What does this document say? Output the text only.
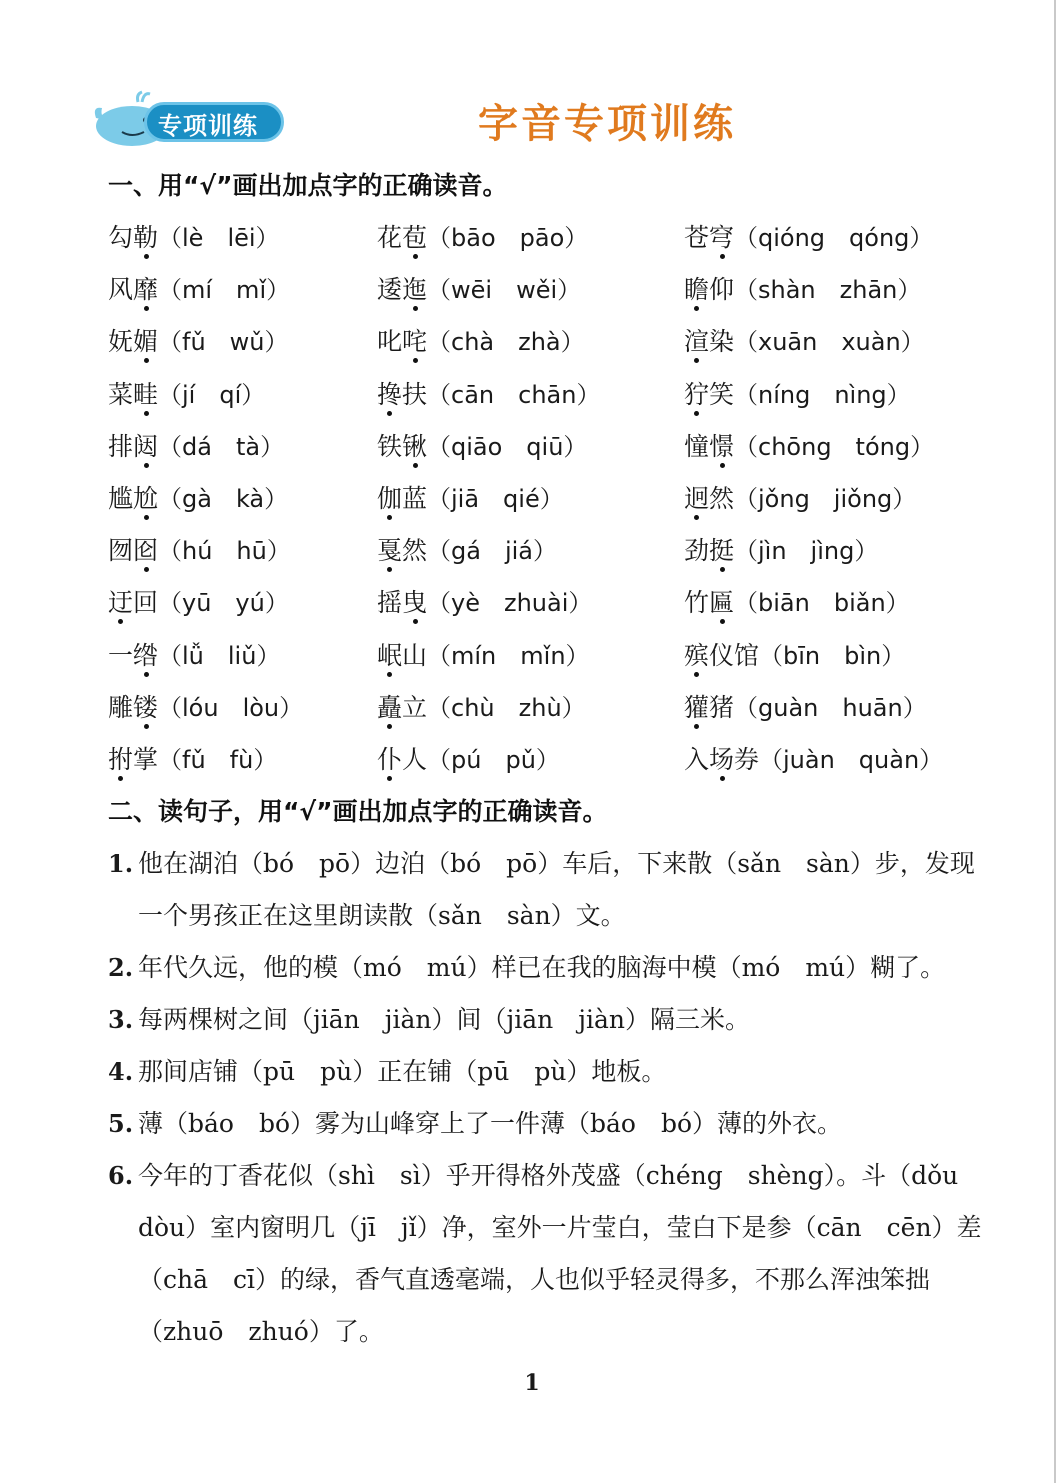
专项训练	字音专项训练
一、用“√”画出加点字的正确读音。
勾勒（lè　lēi）	花苞（bāo　pāo）	苍穹（qióng　qóng）
风靡（mí　mǐ）	逶迤（wēi　wěi）	瞻仰（shàn　zhān）
妩媚（fǔ　wǔ）	叱咤（chà　zhà）	渲染（xuān　xuàn）
菜畦（jí　qí）	搀扶（cān　chān）	狞笑（níng　nìng）
排闼（dá　tà）	铁锹（qiāo　qiū）	憧憬（chōng　tóng）
尴尬（gà　kà）	伽蓝（jiā　qié）	迥然（jǒng　jiǒng）
囫囵（hú　hū）	戛然（gá　jiá）	劲挺（jìn　jìng）
迂回（yū　yú）	摇曳（yè　zhuài）	竹匾（biān　biǎn）
一绺（lǚ　liǔ）	岷山（mín　mǐn）	殡仪馆（bīn　bìn）
雕镂（lóu　lòu）	矗立（chù　zhù）	獾猪（guàn　huān）
拊掌（fǔ　fù）	仆人（pú　pǔ）	入场券（juàn　quàn）
二、读句子，用“√”画出加点字的正确读音。
1. 他在湖泊（bó　pō）边泊（bó　pō）车后，下来散（sǎn　sàn）步，发现
一个男孩正在这里朗读散（sǎn　sàn）文。
2. 年代久远，他的模（mó　mú）样已在我的脑海中模（mó　mú）糊了。
3. 每两棵树之间（jiān　jiàn）间（jiān　jiàn）隔三米。
4. 那间店铺（pū　pù）正在铺（pū　pù）地板。
5. 薄（báo　bó）雾为山峰穿上了一件薄（báo　bó）薄的外衣。
6. 今年的丁香花似（shì　sì）乎开得格外茂盛（chéng　shèng）。斗（dǒu
dòu）室内窗明几（jī　jǐ）净，室外一片莹白，莹白下是参（cān　cēn）差
（chā　cī）的绿，香气直透毫端，人也似乎轻灵得多，不那么浑浊笨拙
（zhuō　zhuó）了。
1
